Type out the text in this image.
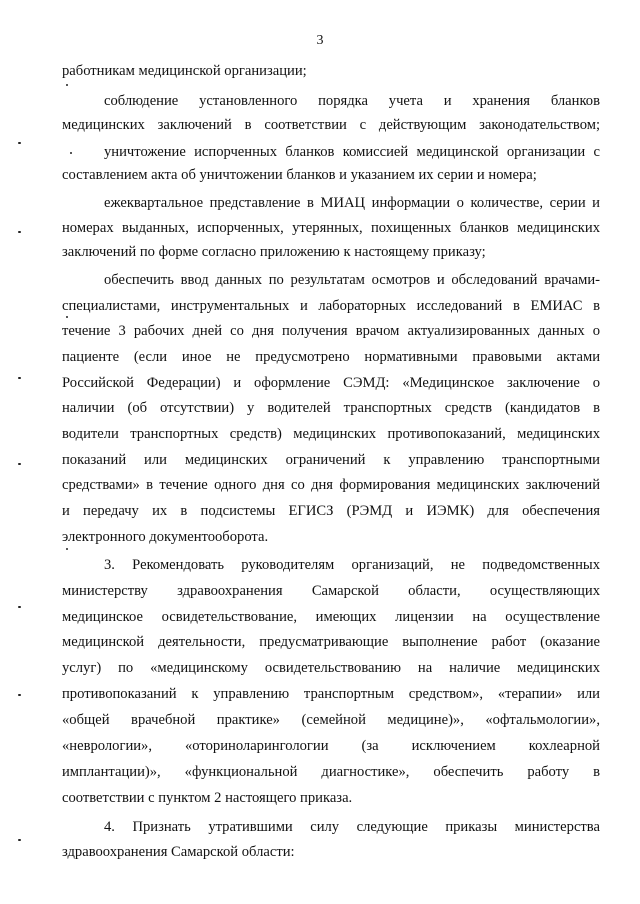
3
работникам медицинской организации;
соблюдение установленного порядка учета и хранения бланков
медицинских заключений в соответствии с действующим законодательством;
уничтожение испорченных бланков комиссией медицинской организации с
составлением акта об уничтожении бланков и указанием их серии и номера;
ежеквартальное представление в МИАЦ информации о количестве, серии и
номерах выданных, испорченных, утерянных, похищенных бланков медицинских
заключений по форме согласно приложению к настоящему приказу;
обеспечить ввод данных по результатам осмотров и обследований врачами-
специалистами, инструментальных и лабораторных исследований в ЕМИАС в
течение 3 рабочих дней со дня получения врачом актуализированных данных о
пациенте (если иное не предусмотрено нормативными правовыми актами
Российской Федерации) и оформление СЭМД: «Медицинское заключение о
наличии (об отсутствии) у водителей транспортных средств (кандидатов в
водители транспортных средств) медицинских противопоказаний, медицинских
показаний или медицинских ограничений к управлению транспортными
средствами» в течение одного дня со дня формирования медицинских заключений
и передачу их в подсистемы ЕГИСЗ (РЭМД и ИЭМК) для обеспечения
электронного документооборота.
3. Рекомендовать руководителям организаций, не подведомственных
министерству здравоохранения Самарской области, осуществляющих
медицинское освидетельствование, имеющих лицензии на осуществление
медицинской деятельности, предусматривающие выполнение работ (оказание
услуг) по «медицинскому освидетельствованию на наличие медицинских
противопоказаний к управлению транспортным средством», «терапии» или
«общей врачебной практике» (семейной медицине)», «офтальмологии»,
«неврологии», «оториноларингологии (за исключением кохлеарной
имплантации)», «функциональной диагностике», обеспечить работу в
соответствии с пунктом 2 настоящего приказа.
4. Признать утратившими силу следующие приказы министерства
здравоохранения Самарской области:
